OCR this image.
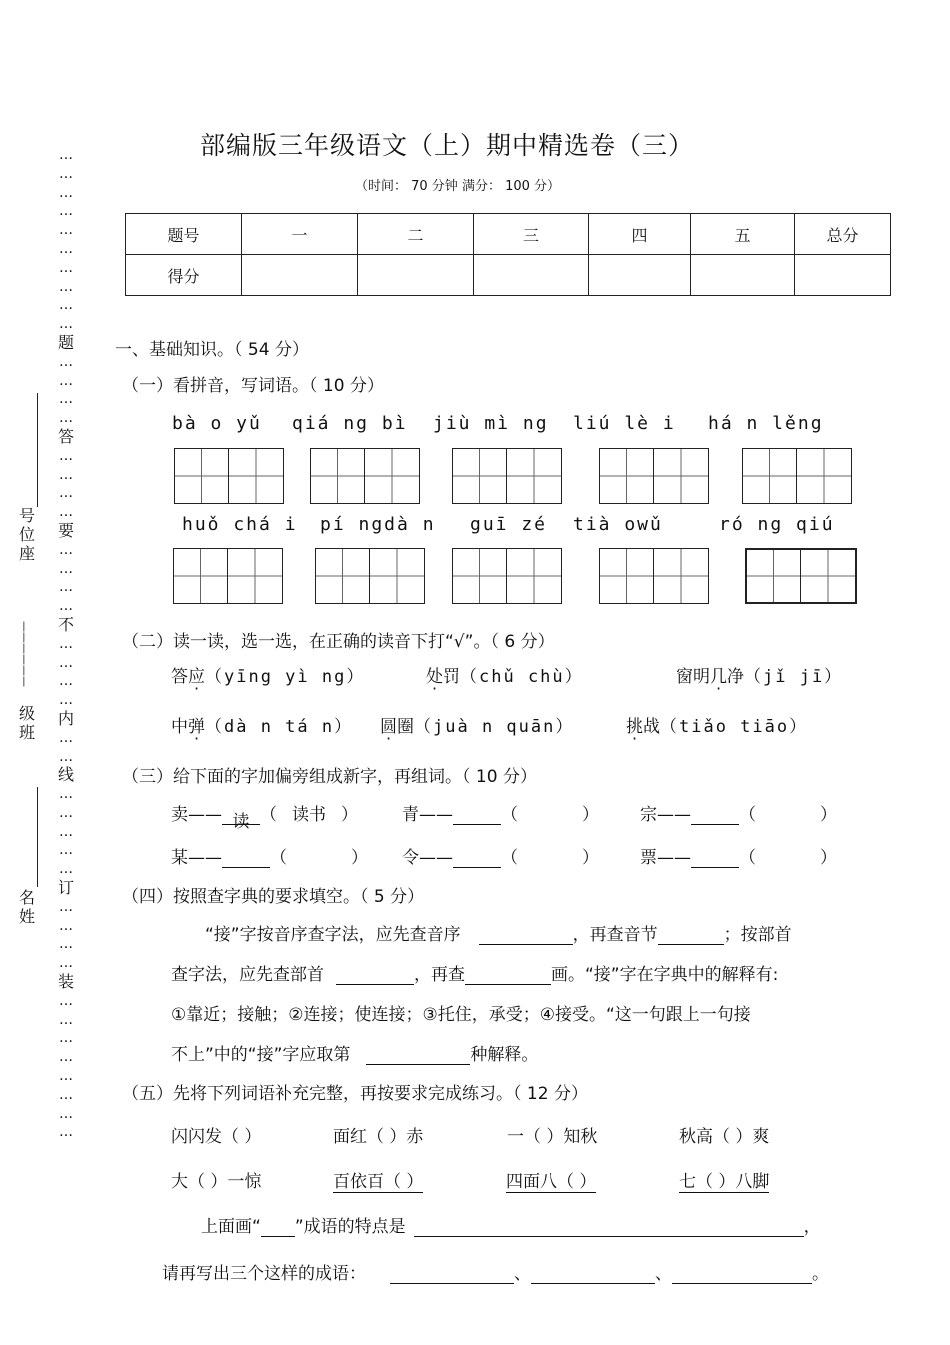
…
…
…
…
…
…
…
…
…
…
题
…
…
…
…
答
…
…
…
…
要
…
…
…
…
不
…
…
…
…
内
…
…
线
…
…
…
…
…
订
…
…
…
…
装
…
…
…
…
…
…
…
…
号
位
座
——————
级
班
名
姓
部编版三年级语文（上）期中精选卷（三）
（时间： 70 分钟 满分： 100 分）
题号	一	二	三	四	五	总分
得分						
一、基础知识。（ 54 分）
（一）看拼音，写词语。（ 10 分）
bà o yǔ qiá ng bì jiù mì ng liú lè i há n lěng
huǒ chá i pí ngdà n guī zé tià owǔ	ró ng qiú
（二）读一读，选一选，在正确的读音下打“√”。（ 6 分）
答应（yīng yì ng）	处罚（chǔ chù）	窗明几净（jǐ jī）
中弹（dà n tá n） 圆圈（juà n quān）	挑战（tiǎo tiāo）
（三）给下面的字加偏旁组成新字，再组词。（ 10 分）
卖—— 读 （ 读书 ）	青——	（	） 宗——	（	）
某——	（	） 令——	（	） 票——	（	）
（四）按照查字典的要求填空。（ 5 分）
“接”字按音序查字法，应先查音序	，再查音节	；按部首
查字法，应先查部首	，再查	画。“接”字在字典中的解释有:
①靠近；接触；②连接；使连接；③托住，承受；④接受。“这一句跟上一句接
不上”中的“接”字应取第	种解释。
（五）先将下列词语补充完整，再按要求完成练习。（ 12 分）
闪闪发（ ）	面红（ ）赤	一（ ）知秋	秋高（ ）爽
大（ ）一惊	百依百（ ）	四面八（ ）	七（ ）八脚
上面画“ ”成语的特点是	，
请再写出三个这样的成语：	、	、	。
